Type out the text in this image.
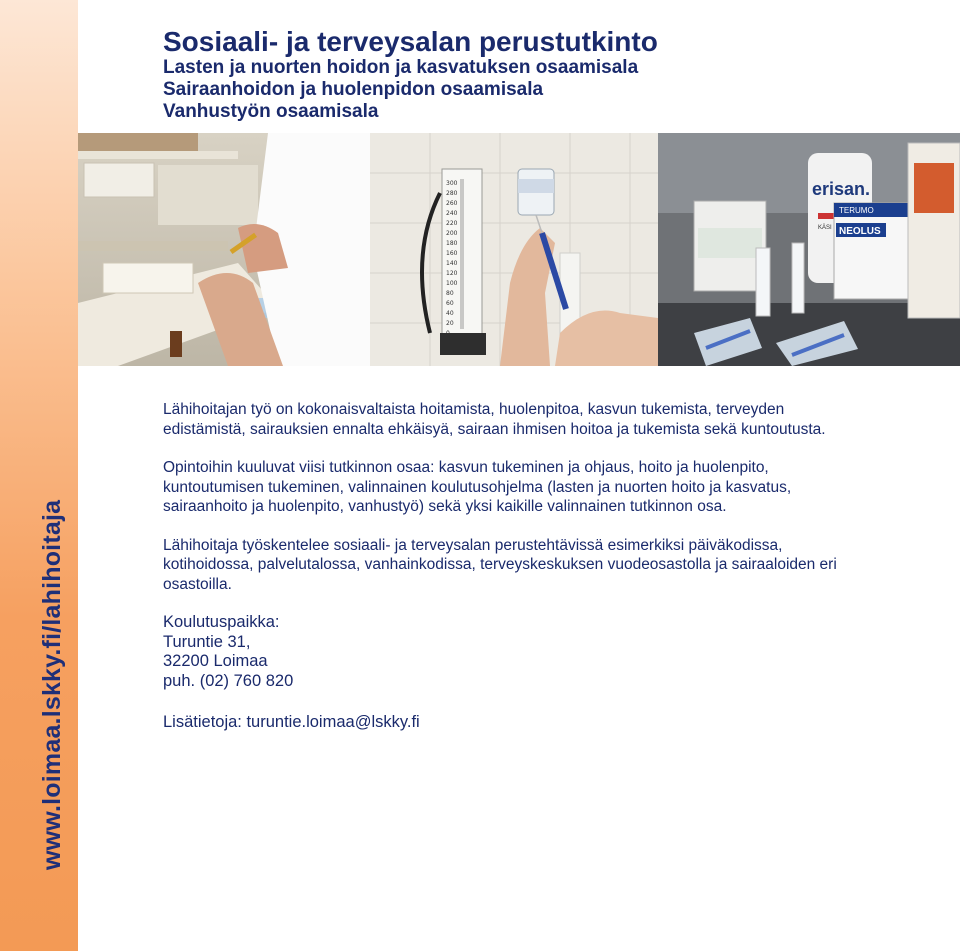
www.loimaa.lskky.fi/lahihoitaja
Sosiaali- ja terveysalan perustutkinto
Lasten ja nuorten hoidon ja kasvatuksen osaamisala
Sairaanhoidon ja huolenpidon osaamisala
Vanhustyön osaamisala
300
280
260
240
220
200
180
160
140
120
100
80
60
40
20
erisan.
TERUMO
NEOLUS
KÄSI

Lähihoitajan työ on kokonaisvaltaista hoitamista, huolenpitoa, kasvun tukemista, terveyden edistämistä, sairauksien ennalta ehkäisyä, sairaan ihmisen hoitoa ja tukemista sekä kuntoutusta.

Opintoihin kuuluvat viisi tutkinnon osaa: kasvun tukeminen ja ohjaus, hoito ja huolenpito, kuntoutumisen tukeminen, valinnainen koulutusohjelma (lasten ja nuorten hoito ja kasvatus, sairaanhoito ja huolenpito, vanhustyö) sekä yksi kaikille valinnainen tutkinnon osa.

Lähihoitaja työskentelee sosiaali- ja terveysalan perustehtävissä esimerkiksi päiväkodissa, kotihoidossa, palvelutalossa, vanhainkodissa, terveyskeskuksen vuodeosastolla ja sairaaloiden eri osastoilla.

Koulutuspaikka:
Turuntie 31,
32200 Loimaa
puh. (02) 760 820
Lisätietoja: turuntie.loimaa@lskky.fi
